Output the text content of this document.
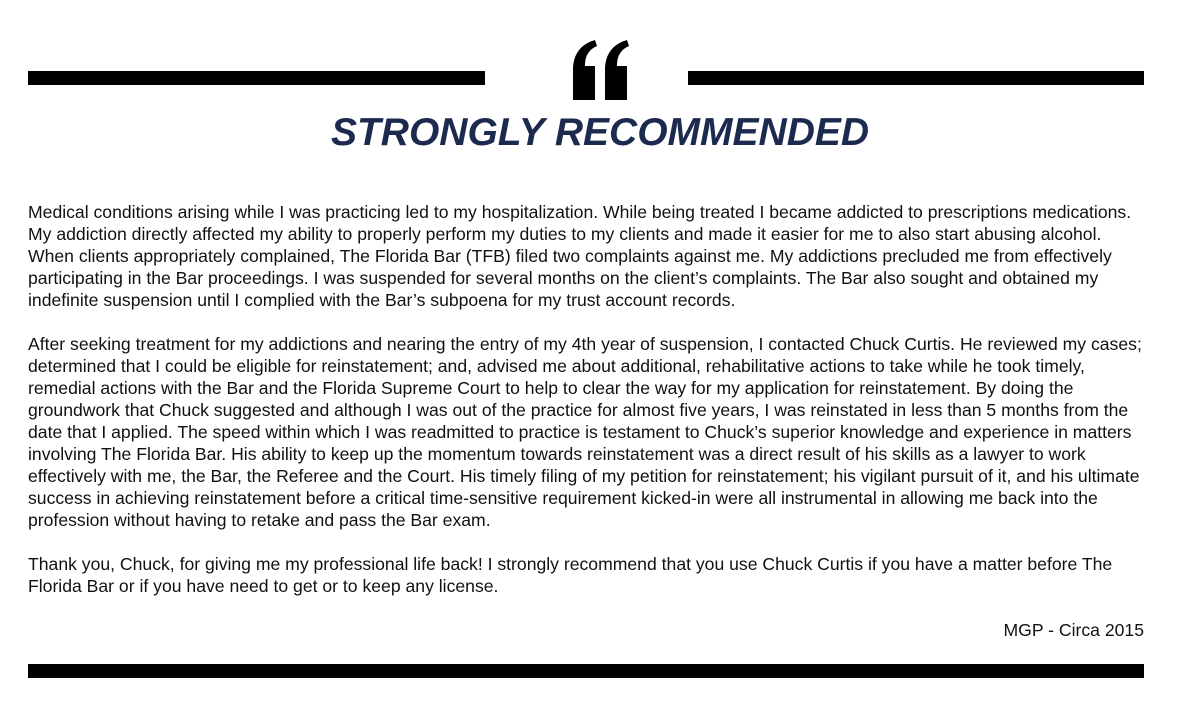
STRONGLY RECOMMENDED

Medical conditions arising while I was practicing led to my hospitalization. While being treated I became addicted to prescriptions medications. My addiction directly affected my ability to properly perform my duties to my clients and made it easier for me to also start abusing alcohol. When clients appropriately complained, The Florida Bar (TFB) filed two complaints against me. My addictions precluded me from effectively participating in the Bar proceedings. I was suspended for several months on the client’s complaints. The Bar also sought and obtained my indefinite suspension until I complied with the Bar’s subpoena for my trust account records.

After seeking treatment for my addictions and nearing the entry of my 4th year of suspension, I contacted Chuck Curtis. He reviewed my cases; determined that I could be eligible for reinstatement; and, advised me about additional, rehabilitative actions to take while he took timely, remedial actions with the Bar and the Florida Supreme Court to help to clear the way for my application for reinstatement. By doing the groundwork that Chuck suggested and although I was out of the practice for almost five years, I was reinstated in less than 5 months from the date that I applied. The speed within which I was readmitted to practice is testament to Chuck’s superior knowledge and experience in matters involving The Florida Bar. His ability to keep up the momentum towards reinstatement was a direct result of his skills as a lawyer to work effectively with me, the Bar, the Referee and the Court. His timely filing of my petition for reinstatement; his vigilant pursuit of it, and his ultimate success in achieving reinstatement before a critical time-sensitive requirement kicked-in were all instrumental in allowing me back into the profession without having to retake and pass the Bar exam.

Thank you, Chuck, for giving me my professional life back! I strongly recommend that you use Chuck Curtis if you have a matter before The Florida Bar or if you have need to get or to keep any license.

MGP - Circa 2015
